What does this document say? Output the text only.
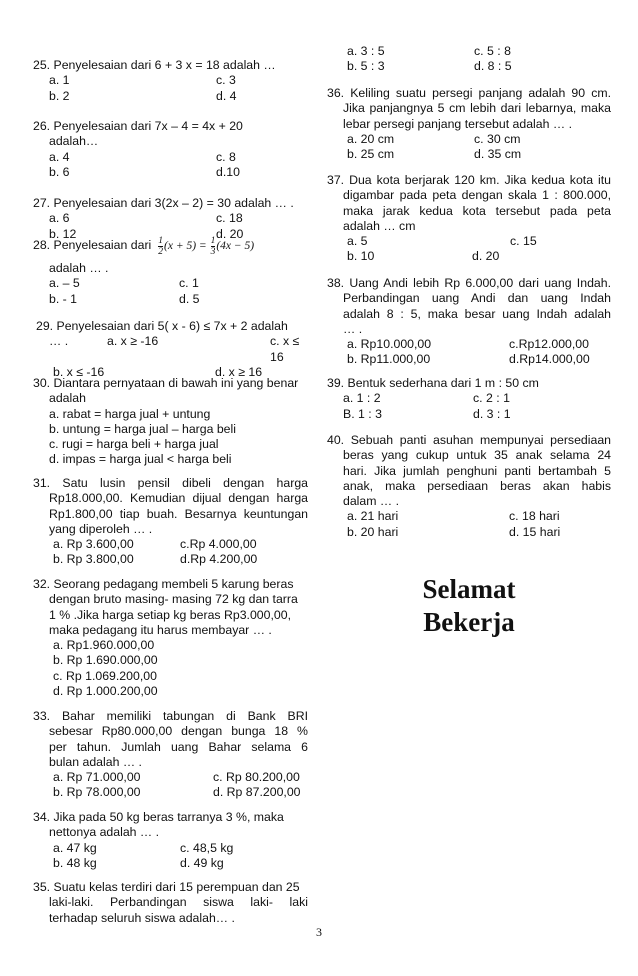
25. Penyelesaian dari 6 + 3 x = 18 adalah …
a. 1	c. 3
b. 2	d. 4
26. Penyelesaian dari 7x – 4 = 4x + 20
adalah…
a. 4	c. 8
b. 6	d.10
27. Penyelesaian dari 3(2x – 2) = 30 adalah … .
a. 6	c. 18
b. 12	d. 20
28. Penyelesaian dari $\frac{1}{2} (x + 5) = \frac{1}{3} (4x - 5)$
adalah … .
a. – 5	c. 1
b. - 1	d. 5
29. Penyelesaian dari 5( x - 6) ≤ 7x + 2 adalah
… .	a. x ≥ -16	c. x ≤ 16
b. x ≤ -16	d. x ≥ 16
30. Diantara pernyataan di bawah ini yang benar
adalah
a. rabat = harga jual + untung
b. untung = harga jual – harga beli
c. rugi = harga beli + harga jual
d. impas = harga jual < harga beli
31. Satu lusin pensil dibeli dengan harga
Rp18.000,00. Kemudian dijual dengan harga
Rp1.800,00 tiap buah. Besarnya keuntungan
yang diperoleh … .
a. Rp 3.600,00	c.Rp 4.000,00
b. Rp 3.800,00	d.Rp 4.200,00
32. Seorang pedagang membeli 5 karung beras
dengan bruto masing- masing 72 kg dan tarra
1 % .Jika harga setiap kg beras Rp3.000,00,
maka pedagang itu harus membayar … .
a. Rp1.960.000,00
b. Rp 1.690.000,00
c. Rp 1.069.200,00
d. Rp 1.000.200,00
33. Bahar memiliki tabungan di Bank BRI
sebesar Rp80.000,00 dengan bunga 18 %
per tahun. Jumlah uang Bahar selama 6
bulan adalah … .
a. Rp 71.000,00	c. Rp 80.200,00
b. Rp 78.000,00	d. Rp 87.200,00
34. Jika pada 50 kg beras tarranya 3 %, maka
nettonya adalah … .
a. 47 kg	c. 48,5 kg
b. 48 kg	d. 49 kg
35. Suatu kelas terdiri dari 15 perempuan dan 25
laki-laki. Perbandingan siswa laki- laki
terhadap seluruh siswa adalah… .
a. 3 : 5	c. 5 : 8
b. 5 : 3	d. 8 : 5
36. Keliling suatu persegi panjang adalah 90 cm.
Jika panjangnya 5 cm lebih dari lebarnya, maka
lebar persegi panjang tersebut adalah … .
a. 20 cm	c. 30 cm
b. 25 cm	d. 35 cm
37. Dua kota berjarak 120 km. Jika kedua kota itu
digambar pada peta dengan skala 1 : 800.000,
maka jarak kedua kota tersebut pada peta
adalah … cm
a. 5	c. 15
b. 10	d. 20
38. Uang Andi lebih Rp 6.000,00 dari uang Indah.
Perbandingan uang Andi dan uang Indah
adalah 8 : 5, maka besar uang Indah adalah
… .
a. Rp10.000,00	c.Rp12.000,00
b. Rp11.000,00	d.Rp14.000,00
39. Bentuk sederhana dari 1 m : 50 cm
a. 1 : 2	c. 2 : 1
B. 1 : 3	d. 3 : 1
40. Sebuah panti asuhan mempunyai persediaan
beras yang cukup untuk 35 anak selama 24
hari. Jika jumlah penghuni panti bertambah 5
anak, maka persediaan beras akan habis
dalam … .
a. 21 hari	c. 18 hari
b. 20 hari	d. 15 hari
Selamat
Bekerja
3
